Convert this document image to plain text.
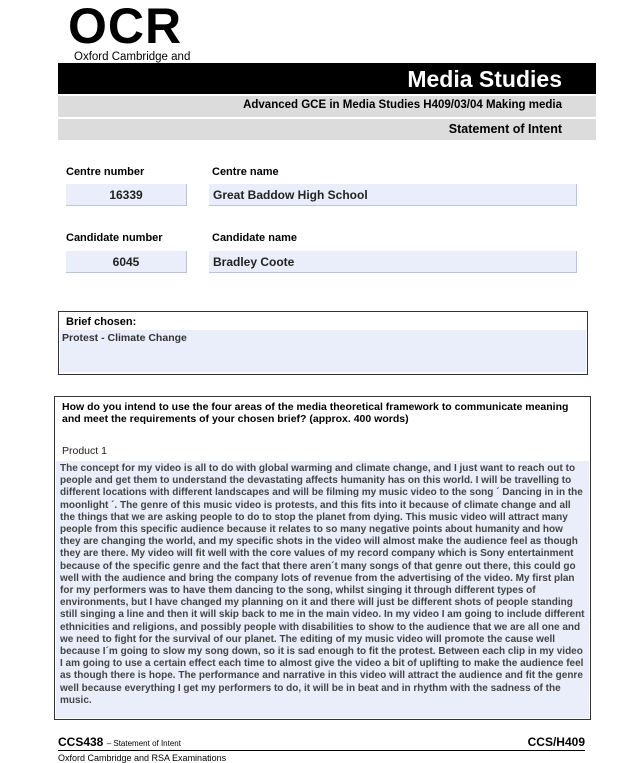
OCR
Oxford Cambridge and
Media Studies
Advanced GCE in Media Studies H409/03/04 Making media
Statement of Intent
Centre number	Centre name
16339	Great Baddow High School
Candidate number	Candidate name
6045	Bradley Coote
Brief chosen:
Protest - Climate Change
How do you intend to use the four areas of the media theoretical framework to communicate meaning and meet the requirements of your chosen brief? (approx. 400 words)
Product 1
The concept for my video is all to do with global warming and climate change, and I just want to reach out to people and get them to understand the devastating affects humanity has on this world. I will be travelling to different locations with different landscapes and will be filming my music video to the song ´ Dancing in in the moonlight ´. The genre of this music video is protests, and this fits into it because of climate change and all the things that we are asking people to do to stop the planet from dying. This music video will attract many people from this specific audience because it relates to so many negative points about humanity and how they are changing the world, and my specific shots in the video will almost make the audience feel as though they are there. My video will fit well with the core values of my record company which is Sony entertainment because of the specific genre and the fact that there aren´t many songs of that genre out there, this could go well with the audience and bring the company lots of revenue from the advertising of the video. My first plan for my performers was to have them dancing to the song, whilst singing it through different types of environments, but I have changed my planning on it and there will just be different shots of people standing still singing a line and then it will skip back to me in the main video. In my video I am going to include different ethnicities and religions, and possibly people with disabilities to show to the audience that we are all one and we need to fight for the survival of our planet. The editing of my music video will promote the cause well because I´m going to slow my song down, so it is sad enough to fit the protest. Between each clip in my video I am going to use a certain effect each time to almost give the video a bit of uplifting to make the audience feel as though there is hope. The performance and narrative in this video will attract the audience and fit the genre well because everything I get my performers to do, it will be in beat and in rhythm with the sadness of the music.
CCS438 – Statement of Intent	CCS/H409
Oxford Cambridge and RSA Examinations
